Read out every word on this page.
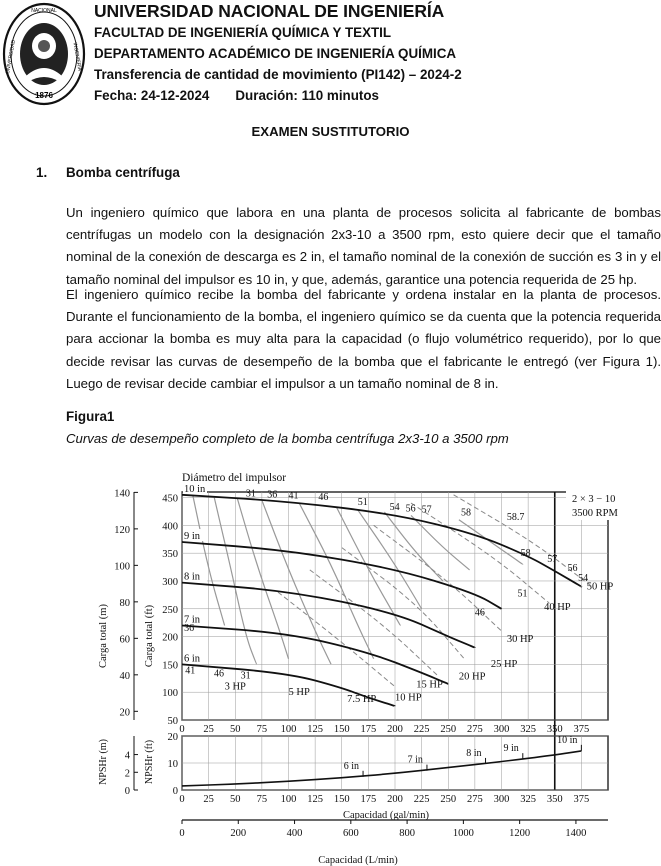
1876
UNIVERSIDAD	INGENIERIA
NACIONAL UNIVERSIDAD NACIONAL DE INGENIERÍA
FACULTAD DE INGENIERÍA QUÍMICA Y TEXTIL
DEPARTAMENTO ACADÉMICO DE INGENIERÍA QUÍMICA
Transferencia de cantidad de movimiento (PI142) – 2024-2
Fecha: 24-12-2024 Duración: 110 minutos
EXAMEN SUSTITUTORIO
1. Bomba centrífuga

Un ingeniero químico que labora en una planta de procesos solicita al fabricante de bombas centrífugas un modelo con la designación 2x3-10 a 3500 rpm, esto quiere decir que el tamaño nominal de la conexión de descarga es 2 in, el tamaño nominal de la conexión de succión es 3 in y el tamaño nominal del impulsor es 10 in, y que, además, garantice una potencia requerida de 25 hp.

El ingeniero químico recibe la bomba del fabricante y ordena instalar en la planta de procesos. Durante el funcionamiento de la bomba, el ingeniero químico se da cuenta que la potencia requerida para accionar la bomba es muy alta para la capacidad (o flujo volumétrico requerido), por lo que decide revisar las curvas de desempeño de la bomba que el fabricante le entregó (ver Figura 1). Luego de revisar decide cambiar el impulsor a un tamaño nominal de 8 in.

Figura1
Curvas de desempeño completo de la bomba centrífuga 2x3-10 a 3500 rpm
0
0
25
25
50
50
75
75
100
100
125
125
150
150
175
175
200
200
225
225
250
250
275
275
300
300
325
325
350
350
375
375
50
100
150
200
250
300
350
400
450
20
40
60
80
100
120
140
0
10
20
0
2
4
0	200	400	600	800	1000	1200	1400
10 in
9 in
8 in
7 in
6 in
31 36 41 46	51 54 56 57	58	58.7
58
57
56
54
51
46
41
36
31
46
50 HP
40 HP
30 HP
25 HP
20 HP
15 HP
10 HP
7.5 HP
5 HP
3 HP
6 in
7 in
8 in 9 in
10 in
Diámetro del impulsor
2 × 3 − 10
3500 RPM
Capacidad (gal/min)
Capacidad (L/min)
Carga total (m)	Carga total (ft)
NPSHr (m)	NPSHr (ft)
